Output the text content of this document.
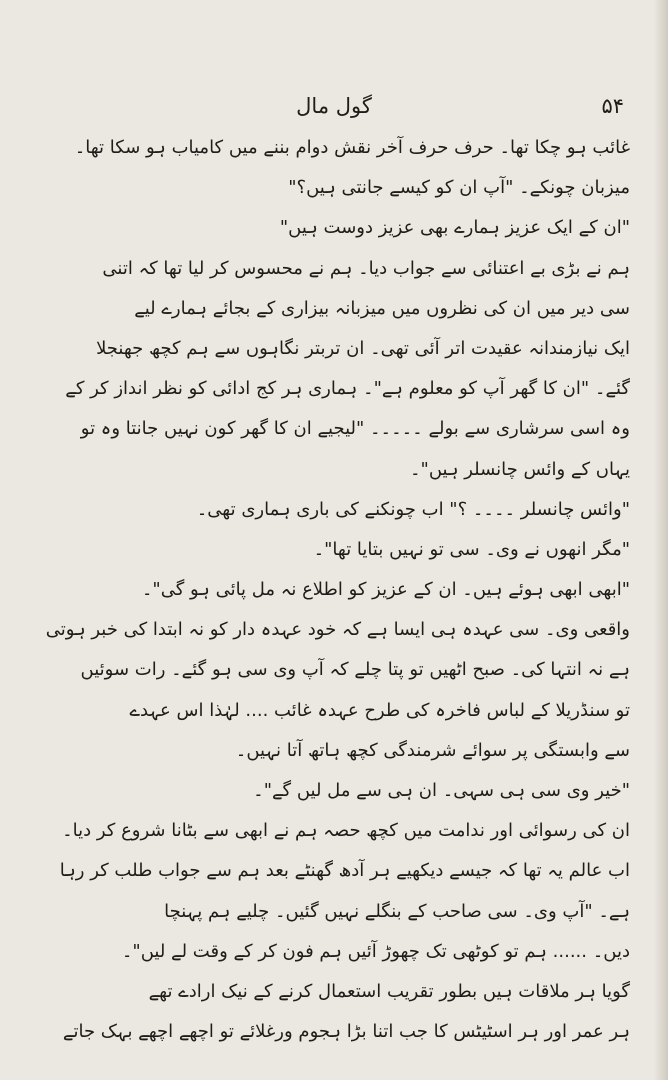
گول مال	۵۴
غائب ہو چکا تھا۔ حرف حرف آخر نقش دوام بننے میں کامیاب ہو سکا تھا۔
میزبان چونکے۔ "آپ ان کو کیسے جانتی ہیں؟"
"ان کے ایک عزیز ہمارے بھی عزیز دوست ہیں"
ہم نے بڑی بے اعتنائی سے جواب دیا۔ ہم نے محسوس کر لیا تھا کہ اتنی
سی دیر میں ان کی نظروں میں میزبانہ بیزاری کے بجائے ہمارے لیے
ایک نیازمندانہ عقیدت اتر آئی تھی۔ ان تربتر نگاہوں سے ہم کچھ جھنجلا
گئے۔ "ان کا گھر آپ کو معلوم ہے"۔ ہماری ہر کج ادائی کو نظر انداز کر کے
وہ اسی سرشاری سے بولے ۔۔۔۔۔ "لیجیے ان کا گھر کون نہیں جانتا وہ تو
یہاں کے وائس چانسلر ہیں"۔
"وائس چانسلر ۔۔۔۔ ؟" اب چونکنے کی باری ہماری تھی۔
"مگر انھوں نے وی۔ سی تو نہیں بتایا تھا"۔
"ابھی ابھی ہوئے ہیں۔ ان کے عزیز کو اطلاع نہ مل پائی ہو گی"۔
واقعی وی۔ سی عہدہ ہی ایسا ہے کہ خود عہدہ دار کو نہ ابتدا کی خبر ہوتی
ہے نہ انتہا کی۔ صبح اٹھیں تو پتا چلے کہ آپ وی سی ہو گئے۔ رات سوئیں
تو سنڈریلا کے لباس فاخرہ کی طرح عہدہ غائب .... لہٰذا اس عہدے
سے وابستگی پر سوائے شرمندگی کچھ ہاتھ آتا نہیں۔
"خیر وی سی ہی سہی۔ ان ہی سے مل لیں گے"۔
ان کی رسوائی اور ندامت میں کچھ حصہ ہم نے ابھی سے بٹانا شروع کر دیا۔
اب عالم یہ تھا کہ جیسے دیکھیے ہر آدھ گھنٹے بعد ہم سے جواب طلب کر رہا
ہے۔ "آپ وی۔ سی صاحب کے بنگلے نہیں گئیں۔ چلیے ہم پہنچا
دیں۔ ...... ہم تو کوٹھی تک چھوڑ آئیں ہم فون کر کے وقت لے لیں"۔
گویا ہر ملاقات ہیں بطور تقریب استعمال کرنے کے نیک ارادے تھے
ہر عمر اور ہر اسٹیٹس کا جب اتنا بڑا ہجوم ورغلائے تو اچھے اچھے بہک جاتے
